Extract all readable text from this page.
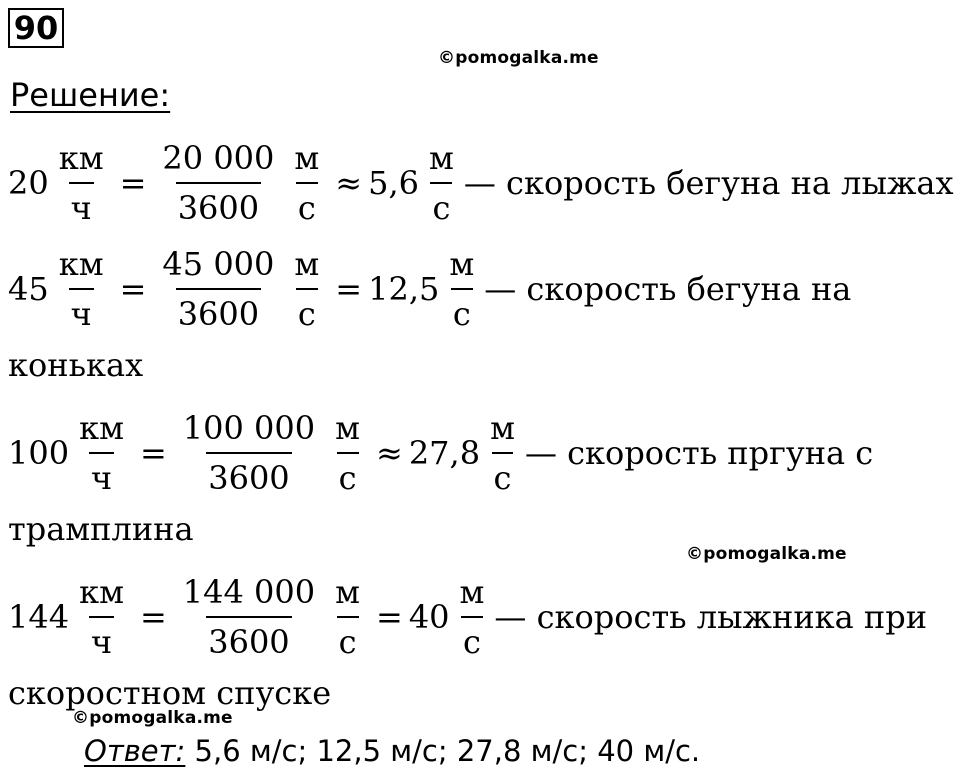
90
©pomogalka.me
Решение:
$20 \frac{км}{ч} = \frac{20 000}{3600} \frac{м}{с} \approx 5,6 \frac{м}{с}$ — скорость бегуна на лыжах
$45 \frac{км}{ч} = \frac{45 000}{3600} \frac{м}{с} = 12,5 \frac{м}{с}$ — скорость бегуна на
коньках
$100 \frac{км}{ч} = \frac{100 000}{3600} \frac{м}{с} \approx 27,8 \frac{м}{с}$ — скорость пргуна с
трамплина
©pomogalka.me
$144 \frac{км}{ч} = \frac{144 000}{3600} \frac{м}{с} = 40 \frac{м}{с}$ — скорость лыжника при
скоростном спуске
©pomogalka.me
Ответ: 5,6 м/с; 12,5 м/с; 27,8 м/с; 40 м/с.
